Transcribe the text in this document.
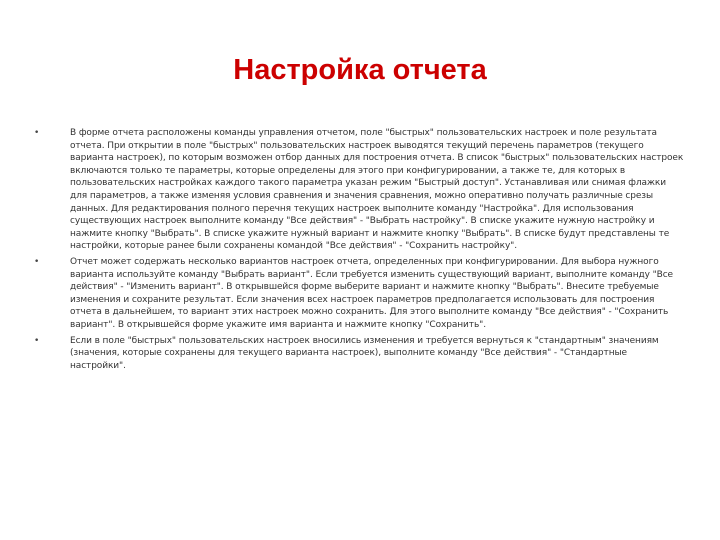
Настройка отчета
•	В форме отчета расположены команды управления отчетом, поле "быстрых" пользовательских настроек и поле результата отчета. При открытии в поле "быстрых" пользовательских настроек выводятся текущий перечень параметров (текущего варианта настроек), по которым возможен отбор данных для построения отчета. В список "быстрых" пользовательских настроек включаются только те параметры, которые определены для этого при конфигурировании, а также те, для которых в пользовательских настройках каждого такого параметра указан режим "Быстрый доступ". Устанавливая или снимая флажки для параметров, а также изменяя условия сравнения и значения сравнения, можно оперативно получать различные срезы данных. Для редактирования полного перечня текущих настроек выполните команду "Настройка". Для использования существующих настроек выполните команду "Все действия" - "Выбрать настройку". В списке укажите нужную настройку и нажмите кнопку "Выбрать". В списке укажите нужный вариант и нажмите кнопку "Выбрать". В списке будут представлены те настройки, которые ранее были сохранены командой "Все действия" - "Сохранить настройку".
•	Отчет может содержать несколько вариантов настроек отчета, определенных при конфигурировании. Для выбора нужного варианта используйте команду "Выбрать вариант". Если требуется изменить существующий вариант, выполните команду "Все действия" - "Изменить вариант". В открывшейся форме выберите вариант и нажмите кнопку "Выбрать". Внесите требуемые изменения и сохраните результат. Если значения всех настроек параметров предполагается использовать для построения отчета в дальнейшем, то вариант этих настроек можно сохранить. Для этого выполните команду "Все действия" - "Сохранить вариант". В открывшейся форме укажите имя варианта и нажмите кнопку "Сохранить".
•	Если в поле "быстрых" пользовательских настроек вносились изменения и требуется вернуться к "стандартным" значениям (значения, которые сохранены для текущего варианта настроек), выполните команду "Все действия" - "Стандартные настройки".
